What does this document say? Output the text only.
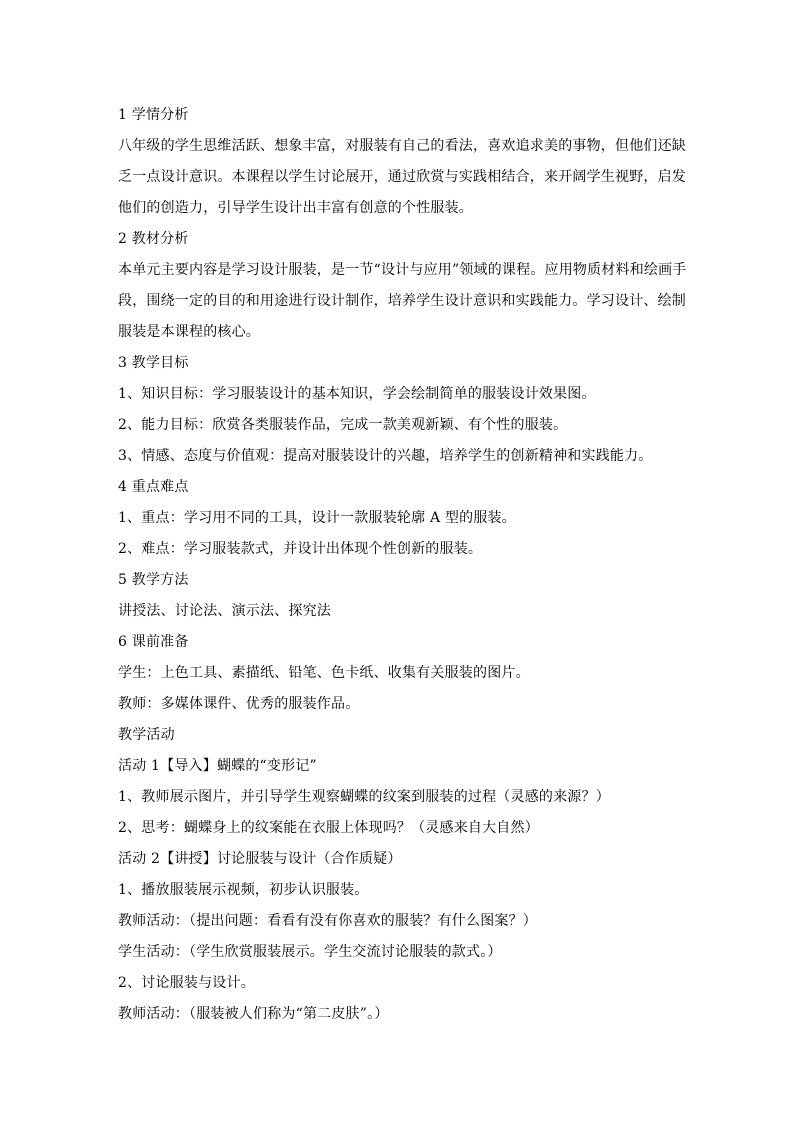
1 学情分析

八年级的学生思维活跃、想象丰富，对服装有自己的看法，喜欢追求美的事物，但他们还缺
乏一点设计意识。本课程以学生讨论展开，通过欣赏与实践相结合，来开阔学生视野，启发
他们的创造力，引导学生设计出丰富有创意的个性服装。

2 教材分析

本单元主要内容是学习设计服装，是一节“设计与应用”领域的课程。应用物质材料和绘画手
段，围绕一定的目的和用途进行设计制作，培养学生设计意识和实践能力。学习设计、绘制
服装是本课程的核心。

3 教学目标

1、知识目标：学习服装设计的基本知识，学会绘制简单的服装设计效果图。

2、能力目标：欣赏各类服装作品，完成一款美观新颖、有个性的服装。

3、情感、态度与价值观：提高对服装设计的兴趣，培养学生的创新精神和实践能力。

4 重点难点

1、重点：学习用不同的工具，设计一款服装轮廓 A 型的服装。

2、难点：学习服装款式，并设计出体现个性创新的服装。

5 教学方法

讲授法、讨论法、演示法、探究法

6 课前准备

学生：上色工具、素描纸、铅笔、色卡纸、收集有关服装的图片。

教师：多媒体课件、优秀的服装作品。

教学活动

活动 1【导入】蝴蝶的“变形记”

1、教师展示图片，并引导学生观察蝴蝶的纹案到服装的过程（灵感的来源？）

2、思考：蝴蝶身上的纹案能在衣服上体现吗？（灵感来自大自然）

活动 2【讲授】讨论服装与设计（合作质疑）

1、播放服装展示视频，初步认识服装。

教师活动：（提出问题：看看有没有你喜欢的服装？有什么图案？）

学生活动：（学生欣赏服装展示。学生交流讨论服装的款式。）

2、讨论服装与设计。

教师活动：（服装被人们称为“第二皮肤”。）
